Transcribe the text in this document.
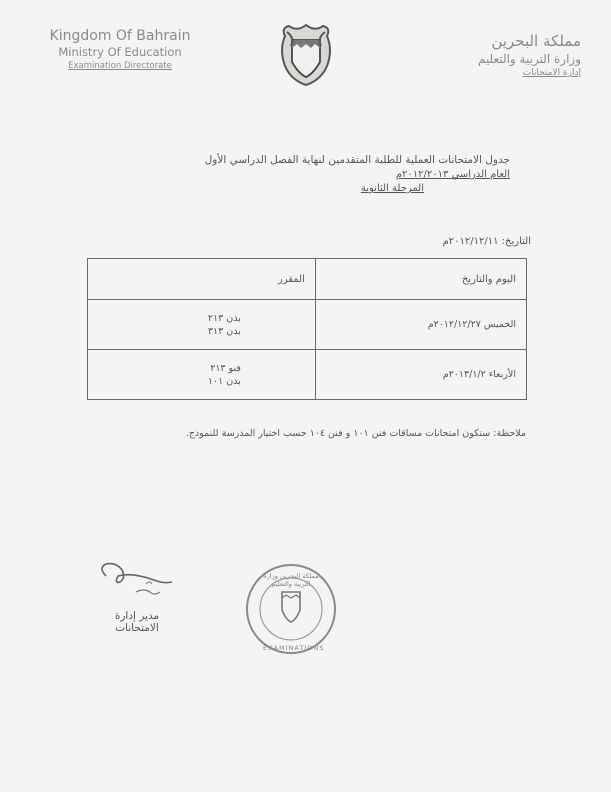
Kingdom Of Bahrain
Ministry Of Education
Examination Directorate
مملكة البحرين
وزارة التربية والتعليم
إدارة الامتحانات
جدول الامتحانات العملية للطلبة المتقدمين لنهاية الفصل الدراسي الأول
العام الدراسي ٢٠١٢/٢٠١٣م
المرحلة الثانوية
التاريخ: ٢٠١٢/١٢/١١م
اليوم والتاريخ	المقرر
الخميس ٢٠١٢/١٢/٢٧م	بدن ٢١٣
بدن ٣١٣

الأربعاء ٢٠١٣/١/٢م	فنو ٢١٣
بدن ١٠١
ملاحظة: ستكون امتحانات مساقات فنن ١٠١ و فنن ١٠٤ حسب اختيار المدرسة للنموذج.
مدير إدارة الامتحانات
مملكة البحرين وزارة التربية والتعليم
EXAMINATIONS
